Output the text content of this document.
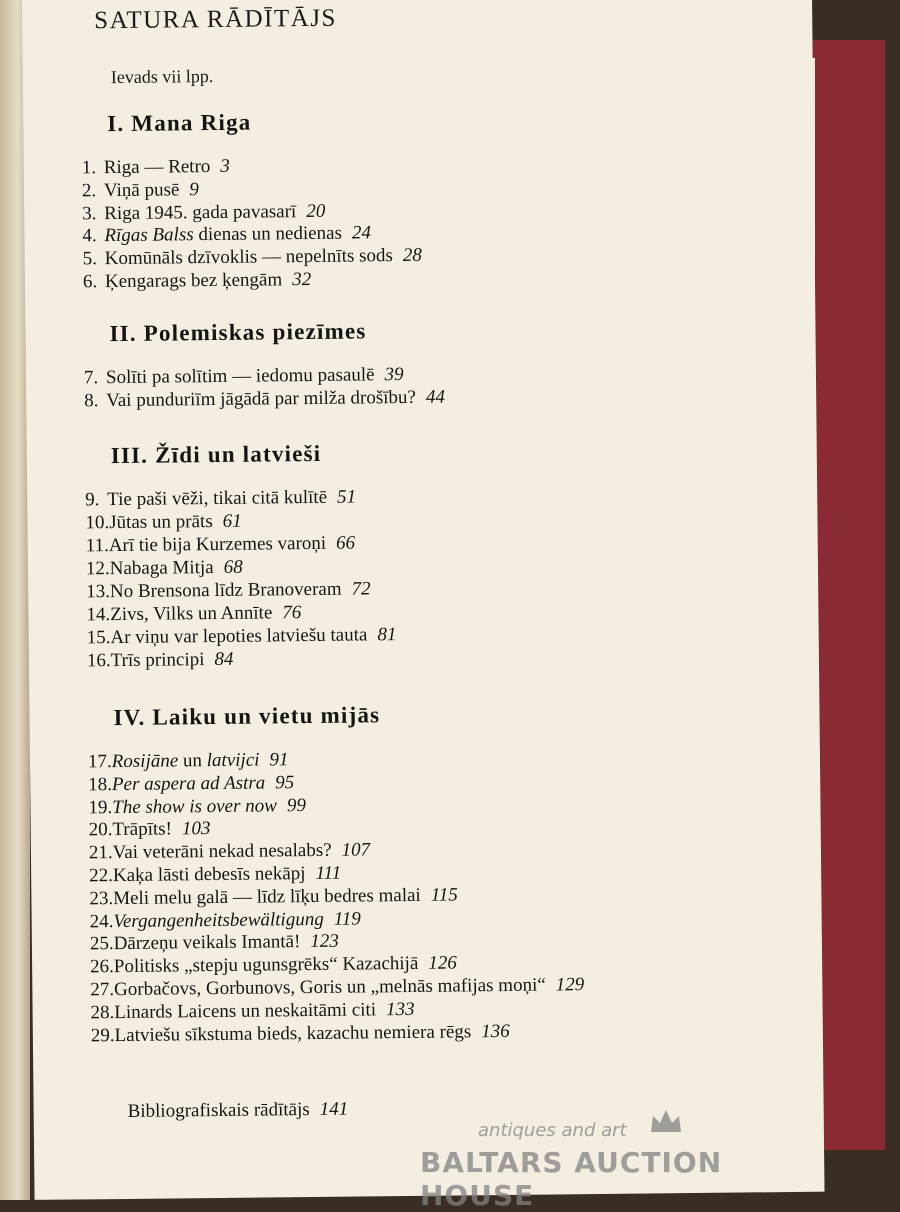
SATURA RĀDĪTĀJS
Ievads vii lpp.
I. Mana Riga
II. Polemiskas piezīmes
III. Žīdi un latvieši
IV. Laiku un vietu mijās
1.Riga — Retro 3
2.Viņā pusē 9
3.Riga 1945. gada pavasarī 20
4.Rīgas Balss dienas un nedienas 24
5.Komūnāls dzīvoklis — nepelnīts sods 28
6.Ķengarags bez ķengām 32
7.Solīti pa solītim — iedomu pasaulē 39
8.Vai punduriīm jāgādā par milža drošību? 44
9.Tie paši vēži, tikai citā kulītē 51
10.Jūtas un prāts 61
11.Arī tie bija Kurzemes varoņi 66
12.Nabaga Mitja 68
13.No Brensona līdz Branoveram 72
14.Zivs, Vilks un Annīte 76
15.Ar viņu var lepoties latviešu tauta 81
16.Trīs principi 84
17.Rosijāne un latvijci 91
18.Per aspera ad Astra 95
19.The show is over now 99
20.Trāpīts! 103
21.Vai veterāni nekad nesalabs? 107
22.Kaķa lāsti debesīs nekāpj 111
23.Meli melu galā — līdz līķu bedres malai 115
24.Vergangenheitsbewältigung 119
25.Dārzeņu veikals Imantā! 123
26.Politisks „stepju ugunsgrēks“ Kazachijā 126
27.Gorbačovs, Gorbunovs, Goris un „melnās mafijas moņi“ 129
28.Linards Laicens un neskaitāmi citi 133
29.Latviešu sīkstuma bieds, kazachu nemiera rēgs 136
Bibliografiskais rādītājs 141
antiques and art
BALTARS AUCTION HOUSE
